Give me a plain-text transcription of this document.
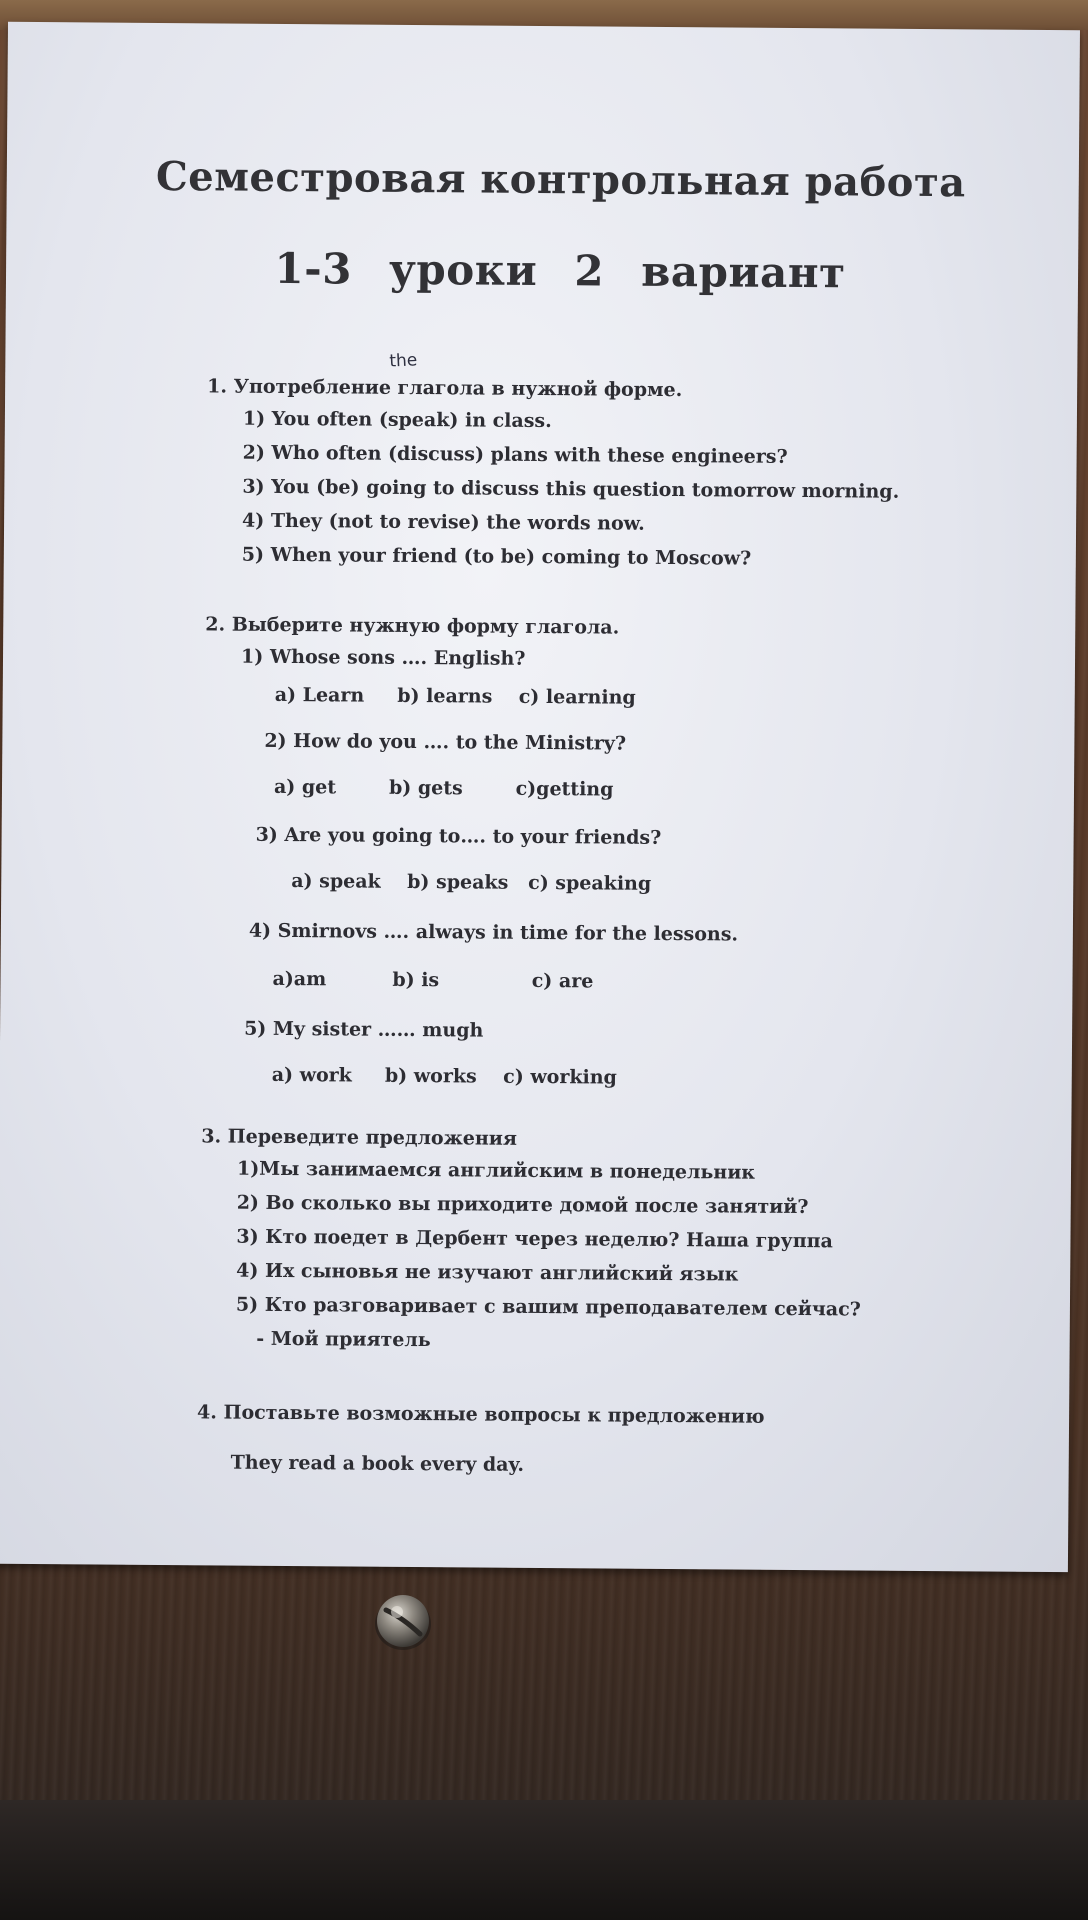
Семестровая контрольная работа
1-3 уроки 2 вариант
the
1. Употребление глагола в нужной форме.
1) You often (speak) in class.
2) Who often (discuss) plans with these engineers?
3) You (be) going to discuss this question tomorrow morning.
4) They (not to revise) the words now.
5) When your friend (to be) coming to Moscow?
2. Выберите нужную форму глагола.
1) Whose sons …. English?
a) Learn     b) learns    c) learning
2) How do you …. to the Ministry?
a) get        b) gets        c)getting
3) Are you going to…. to your friends?
a) speak    b) speaks   c) speaking
4) Smirnovs …. always in time for the lessons.
a)am          b) is              c) are
5) My sister …… mugh
a) work     b) works    c) working
3. Переведите предложения
1)Мы занимаемся английским в понедельник
2) Во сколько вы приходите домой после занятий?
3) Кто поедет в Дербент через неделю? Наша группа
4) Их сыновья не изучают английский язык
5) Кто разговаривает с вашим преподавателем сейчас?
- Мой приятель
4. Поставьте возможные вопросы к предложению
They read a book every day.
